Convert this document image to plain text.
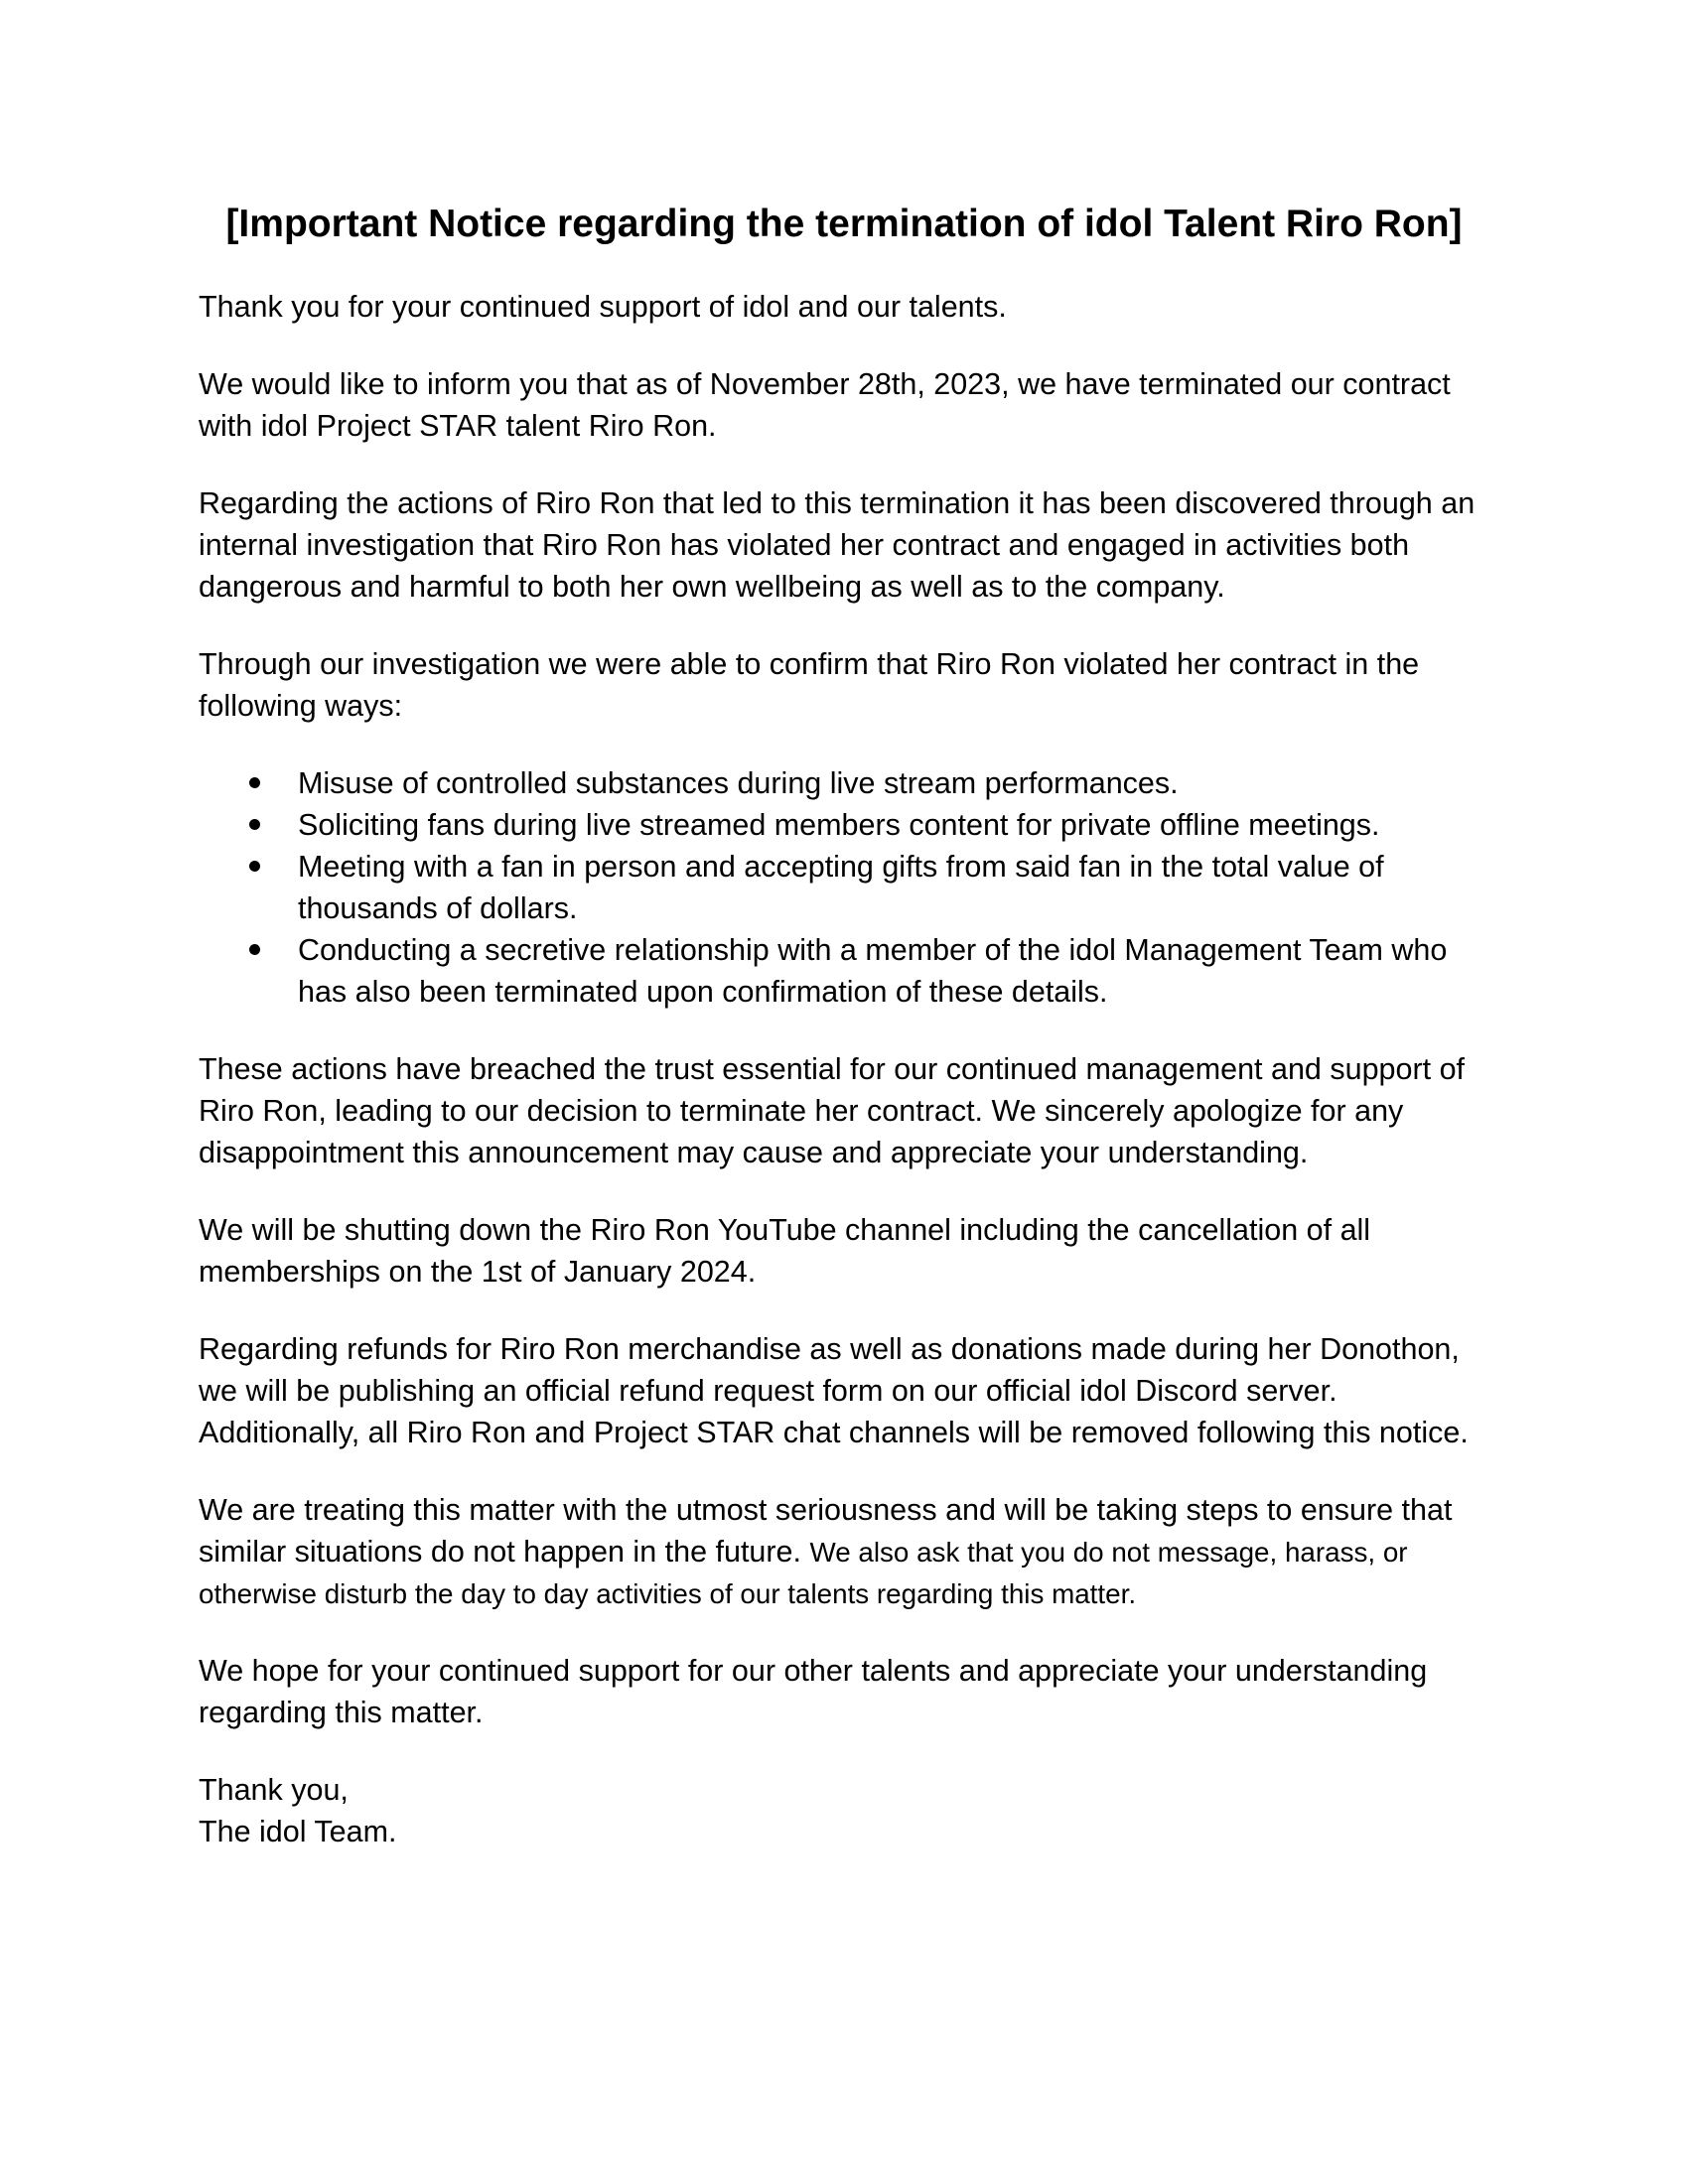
[Important Notice regarding the termination of idol Talent Riro Ron]

Thank you for your continued support of idol and our talents.

We would like to inform you that as of November 28th, 2023, we have terminated our contract with idol Project STAR talent Riro Ron.

Regarding the actions of Riro Ron that led to this termination it has been discovered through an internal investigation that Riro Ron has violated her contract and engaged in activities both dangerous and harmful to both her own wellbeing as well as to the company.

Through our investigation we were able to confirm that Riro Ron violated her contract in the following ways:

Misuse of controlled substances during live stream performances.
Soliciting fans during live streamed members content for private offline meetings.
Meeting with a fan in person and accepting gifts from said fan in the total value of thousands of dollars.
Conducting a secretive relationship with a member of the idol Management Team who has also been terminated upon confirmation of these details.

These actions have breached the trust essential for our continued management and support of Riro Ron, leading to our decision to terminate her contract. We sincerely apologize for any disappointment this announcement may cause and appreciate your understanding.

We will be shutting down the Riro Ron YouTube channel including the cancellation of all memberships on the 1st of January 2024.

Regarding refunds for Riro Ron merchandise as well as donations made during her Donothon, we will be publishing an official refund request form on our official idol Discord server. Additionally, all Riro Ron and Project STAR chat channels will be removed following this notice.

We are treating this matter with the utmost seriousness and will be taking steps to ensure that similar situations do not happen in the future. We also ask that you do not message, harass, or otherwise disturb the day to day activities of our talents regarding this matter.

We hope for your continued support for our other talents and appreciate your understanding regarding this matter.

Thank you,

The idol Team.
